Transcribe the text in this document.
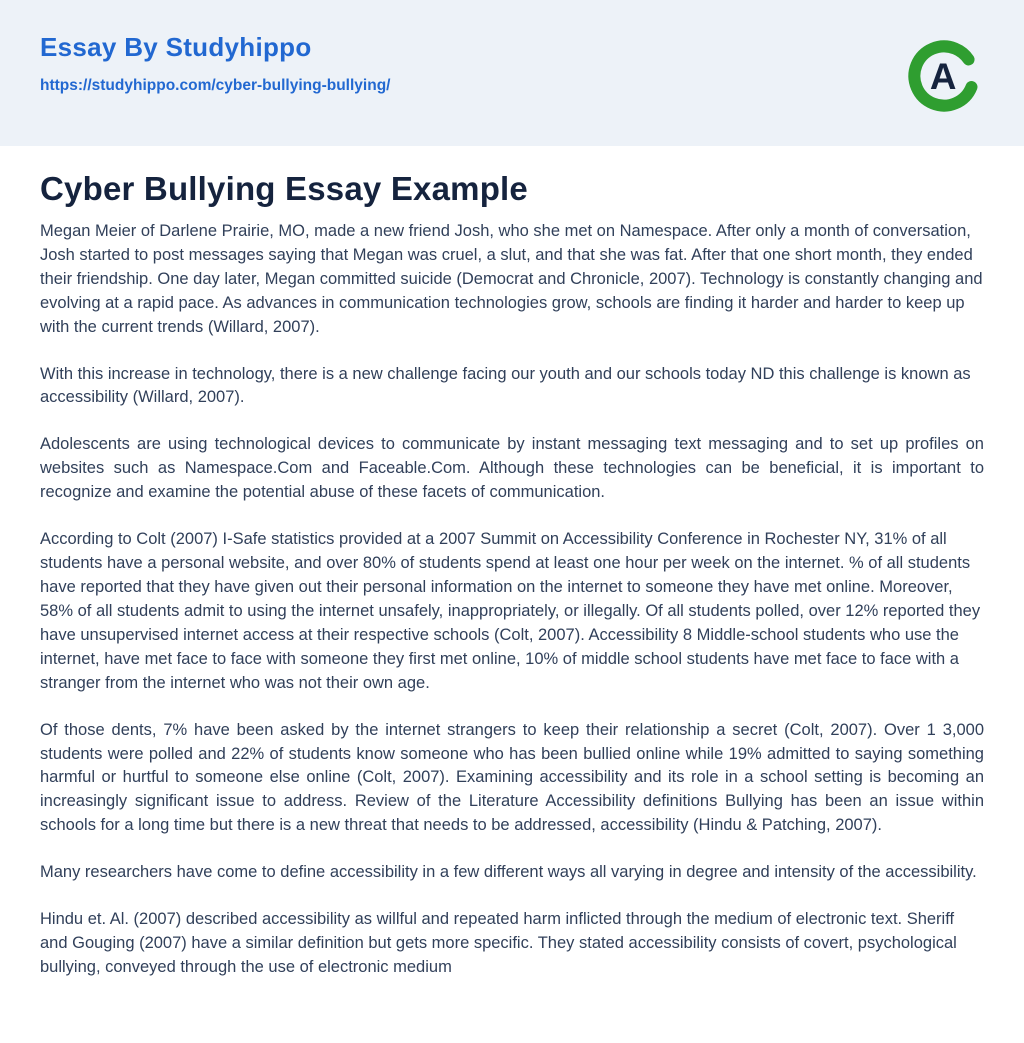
Essay By Studyhippo
https://studyhippo.com/cyber-bullying-bullying/	A
Cyber Bullying Essay Example

Megan Meier of Darlene Prairie, MO, made a new friend Josh, who she met on Namespace. After only a month of conversation, Josh started to post messages saying that Megan was cruel, a slut, and that she was fat. After that one short month, they ended their friendship. One day later, Megan committed suicide (Democrat and Chronicle, 2007). Technology is constantly changing and evolving at a rapid pace. As advances in communication technologies grow, schools are finding it harder and harder to keep up with the current trends (Willard, 2007).

With this increase in technology, there is a new challenge facing our youth and our schools today ND this challenge is known as accessibility (Willard, 2007).

Adolescents are using technological devices to communicate by instant messaging text messaging and to set up profiles on websites such as Namespace.Com and Faceable.Com. Although these technologies can be beneficial, it is important to recognize and examine the potential abuse of these facets of communication.

According to Colt (2007) I-Safe statistics provided at a 2007 Summit on Accessibility Conference in Rochester NY, 31% of all students have a personal website, and over 80% of students spend at least one hour per week on the internet. % of all students have reported that they have given out their personal information on the internet to someone they have met online. Moreover, 58% of all students admit to using the internet unsafely, inappropriately, or illegally. Of all students polled, over 12% reported they have unsupervised internet access at their respective schools (Colt, 2007). Accessibility 8 Middle-school students who use the internet, have met face to face with someone they first met online, 10% of middle school students have met face to face with a stranger from the internet who was not their own age.

Of those dents, 7% have been asked by the internet strangers to keep their relationship a secret (Colt, 2007). Over 1 3,000 students were polled and 22% of students know someone who has been bullied online while 19% admitted to saying something harmful or hurtful to someone else online (Colt, 2007). Examining accessibility and its role in a school setting is becoming an increasingly significant issue to address. Review of the Literature Accessibility definitions Bullying has been an issue within schools for a long time but there is a new threat that needs to be addressed, accessibility (Hindu & Patching, 2007).

Many researchers have come to define accessibility in a few different ways all varying in degree and intensity of the accessibility.

Hindu et. Al. (2007) described accessibility as willful and repeated harm inflicted through the medium of electronic text. Sheriff and Gouging (2007) have a similar definition but gets more specific. They stated accessibility consists of covert, psychological bullying, conveyed through the use of electronic medium
